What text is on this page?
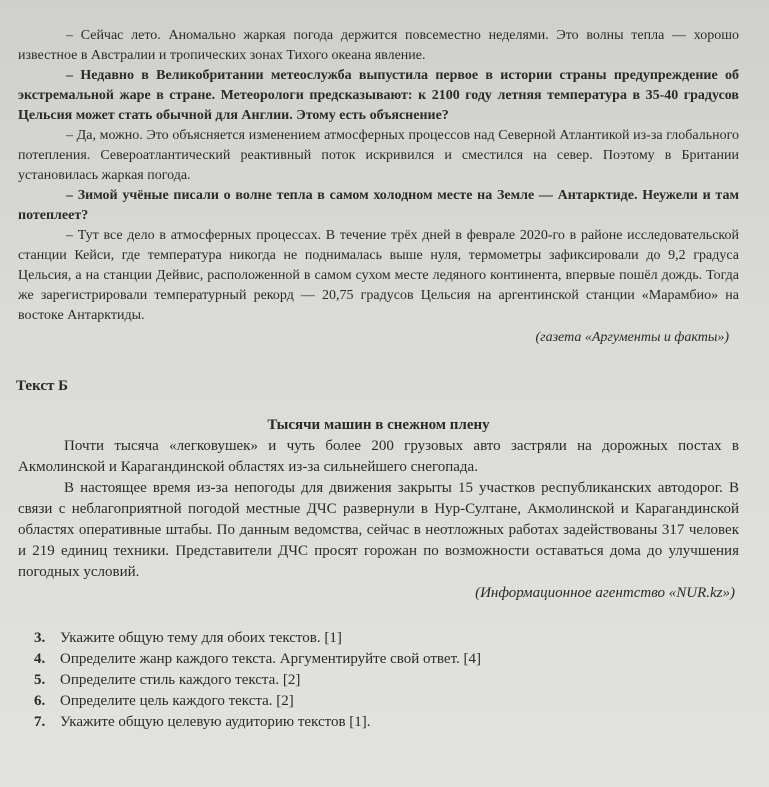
– Сейчас лето. Аномально жаркая погода держится повсеместно неделями. Это волны тепла — хорошо известное в Австралии и тропических зонах Тихого океана явление.

– Недавно в Великобритании метеослужба выпустила первое в истории страны предупреждение об экстремальной жаре в стране. Метеорологи предсказывают: к 2100 году летняя температура в 35-40 градусов Цельсия может стать обычной для Англии. Этому есть объяснение?

– Да, можно. Это объясняется изменением атмосферных процессов над Северной Атлантикой из-за глобального потепления. Североатлантический реактивный поток искривился и сместился на север. Поэтому в Британии установилась жаркая погода.

– Зимой учёные писали о волне тепла в самом холодном месте на Земле — Антарктиде. Неужели и там потеплеет?

– Тут все дело в атмосферных процессах. В течение трёх дней в феврале 2020-го в районе исследовательской станции Кейси, где температура никогда не поднималась выше нуля, термометры зафиксировали до 9,2 градуса Цельсия, а на станции Дейвис, расположенной в самом сухом месте ледяного континента, впервые пошёл дождь. Тогда же зарегистрировали температурный рекорд — 20,75 градусов Цельсия на аргентинской станции «Марамбио» на востоке Антарктиды.

(газета «Аргументы и факты»)

Текст Б

Тысячи машин в снежном плену

Почти тысяча «легковушек» и чуть более 200 грузовых авто застряли на дорожных постах в Акмолинской и Карагандинской областях из-за сильнейшего снегопада.

В настоящее время из-за непогоды для движения закрыты 15 участков республиканских автодорог. В связи с неблагоприятной погодой местные ДЧС развернули в Нур-Султане, Акмолинской и Карагандинской областях оперативные штабы. По данным ведомства, сейчас в неотложных работах задействованы 317 человек и 219 единиц техники. Представители ДЧС просят горожан по возможности оставаться дома до улучшения погодных условий.

(Информационное агентство «NUR.kz»)

3. Укажите общую тему для обоих текстов. [1]
4. Определите жанр каждого текста. Аргументируйте свой ответ. [4]
5. Определите стиль каждого текста. [2]
6. Определите цель каждого текста. [2]
7. Укажите общую целевую аудиторию текстов [1].
